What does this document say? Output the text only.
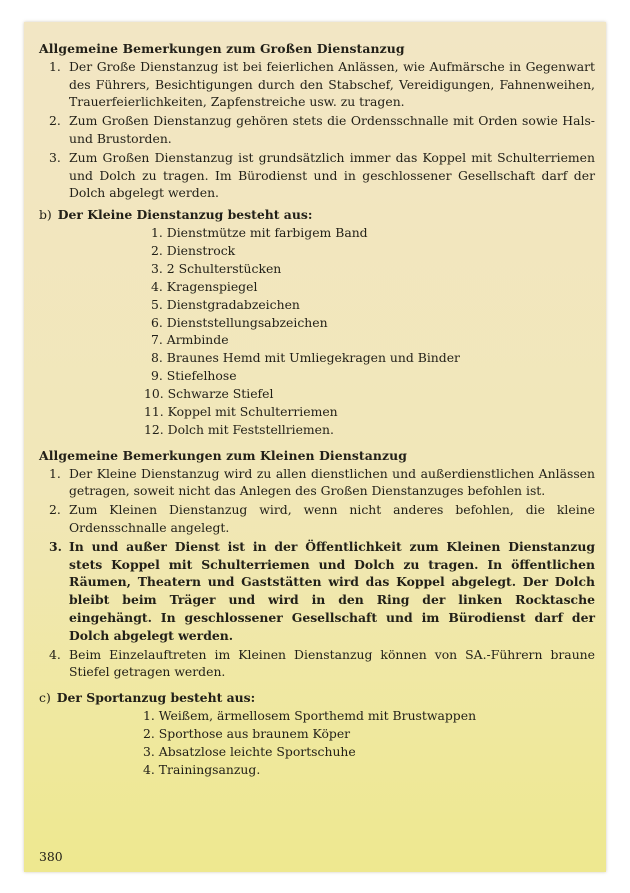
Allgemeine Bemerkungen zum Großen Dienstanzug
1. Der Große Dienstanzug ist bei feierlichen Anlässen, wie Aufmärsche in Gegenwart des Führers, Besichtigungen durch den Stabschef, Vereidigungen, Fahnenweihen, Trauerfeierlichkeiten, Zapfenstreiche usw. zu tragen.
2. Zum Großen Dienstanzug gehören stets die Ordensschnalle mit Orden sowie Hals- und Brustorden.
3. Zum Großen Dienstanzug ist grundsätzlich immer das Koppel mit Schulterriemen und Dolch zu tragen. Im Bürodienst und in geschlossener Gesellschaft darf der Dolch abgelegt werden.
b) Der Kleine Dienstanzug besteht aus:
1. Dienstmütze mit farbigem Band
2. Dienstrock
3. 2 Schulterstücken
4. Kragenspiegel
5. Dienstgradabzeichen
6. Dienststellungsabzeichen
7. Armbinde
8. Braunes Hemd mit Umliegekragen und Binder
9. Stiefelhose
10. Schwarze Stiefel
11. Koppel mit Schulterriemen
12. Dolch mit Feststellriemen.
Allgemeine Bemerkungen zum Kleinen Dienstanzug
1. Der Kleine Dienstanzug wird zu allen dienstlichen und außerdienstlichen Anlässen getragen, soweit nicht das Anlegen des Großen Dienstanzuges befohlen ist.
2. Zum Kleinen Dienstanzug wird, wenn nicht anderes befohlen, die kleine Ordensschnalle angelegt.
3. In und außer Dienst ist in der Öffentlichkeit zum Kleinen Dienstanzug stets Koppel mit Schulterriemen und Dolch zu tragen. In öffentlichen Räumen, Theatern und Gaststätten wird das Koppel abgelegt. Der Dolch bleibt beim Träger und wird in den Ring der linken Rocktasche eingehängt. In geschlossener Gesellschaft und im Bürodienst darf der Dolch abgelegt werden.
4. Beim Einzelauftreten im Kleinen Dienstanzug können von SA.-Führern braune Stiefel getragen werden.
c) Der Sportanzug besteht aus:
1. Weißem, ärmellosem Sporthemd mit Brustwappen
2. Sporthose aus braunem Köper
3. Absatzlose leichte Sportschuhe
4. Trainingsanzug.
380
